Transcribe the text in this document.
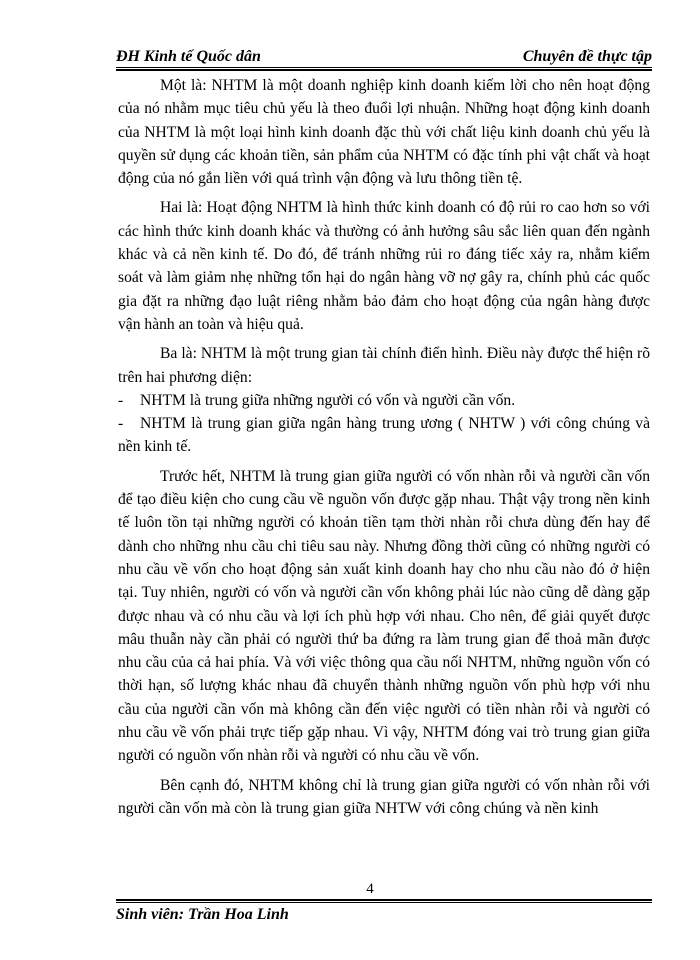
ĐH Kinh tế Quốc dân	Chuyên đề thực tập

Một là: NHTM là một doanh nghiệp kinh doanh kiếm lời cho nên hoạt động của nó nhằm mục tiêu chủ yếu là theo đuổi lợi nhuận. Những hoạt động kinh doanh của NHTM là một loại hình kinh doanh đặc thù với chất liệu kinh doanh chủ yếu là quyền sử dụng các khoản tiền, sản phẩm của NHTM có đặc tính phi vật chất và hoạt động của nó gắn liền với quá trình vận động và lưu thông tiền tệ.

Hai là: Hoạt động NHTM là hình thức kinh doanh có độ rủi ro cao hơn so với các hình thức kinh doanh khác và thường có ảnh hưởng sâu sắc liên quan đến ngành khác và cả nền kinh tế. Do đó, để tránh những rủi ro đáng tiếc xảy ra, nhằm kiểm soát và làm giảm nhẹ những tổn hại do ngân hàng vỡ nợ gây ra, chính phủ các quốc gia đặt ra những đạo luật riêng nhằm bảo đảm cho hoạt động của ngân hàng được vận hành an toàn và hiệu quả.

Ba là: NHTM là một trung gian tài chính điển hình. Điều này được thể hiện rõ trên hai phương diện:

- NHTM là trung giữa những người có vốn và người cần vốn.

- NHTM là trung gian giữa ngân hàng trung ương ( NHTW ) với công chúng và nền kinh tế.

Trước hết, NHTM là trung gian giữa người có vốn nhàn rỗi và người cần vốn để tạo điều kiện cho cung cầu về nguồn vốn được gặp nhau. Thật vậy trong nền kinh tế luôn tồn tại những người có khoản tiền tạm thời nhàn rỗi chưa dùng đến hay để dành cho những nhu cầu chi tiêu sau này. Nhưng đồng thời cũng có những người có nhu cầu về vốn cho hoạt động sản xuất kinh doanh hay cho nhu cầu nào đó ở hiện tại. Tuy nhiên, người có vốn và người cần vốn không phải lúc nào cũng dễ dàng gặp được nhau và có nhu cầu và lợi ích phù hợp với nhau. Cho nên, để giải quyết được mâu thuẫn này cần phải có người thứ ba đứng ra làm trung gian để thoả mãn được nhu cầu của cả hai phía. Và với việc thông qua cầu nối NHTM, những nguồn vốn có thời hạn, số lượng khác nhau đã chuyển thành những nguồn vốn phù hợp với nhu cầu của người cần vốn mà không cần đến việc người có tiền nhàn rỗi và người có nhu cầu về vốn phải trực tiếp gặp nhau. Vì vậy, NHTM đóng vai trò trung gian giữa người có nguồn vốn nhàn rỗi và người có nhu cầu về vốn.

Bên cạnh đó, NHTM không chỉ là trung gian giữa người có vốn nhàn rỗi với người cần vốn mà còn là trung gian giữa NHTW với công chúng và nền kinh

4
Sinh viên: Trần Hoa Linh
